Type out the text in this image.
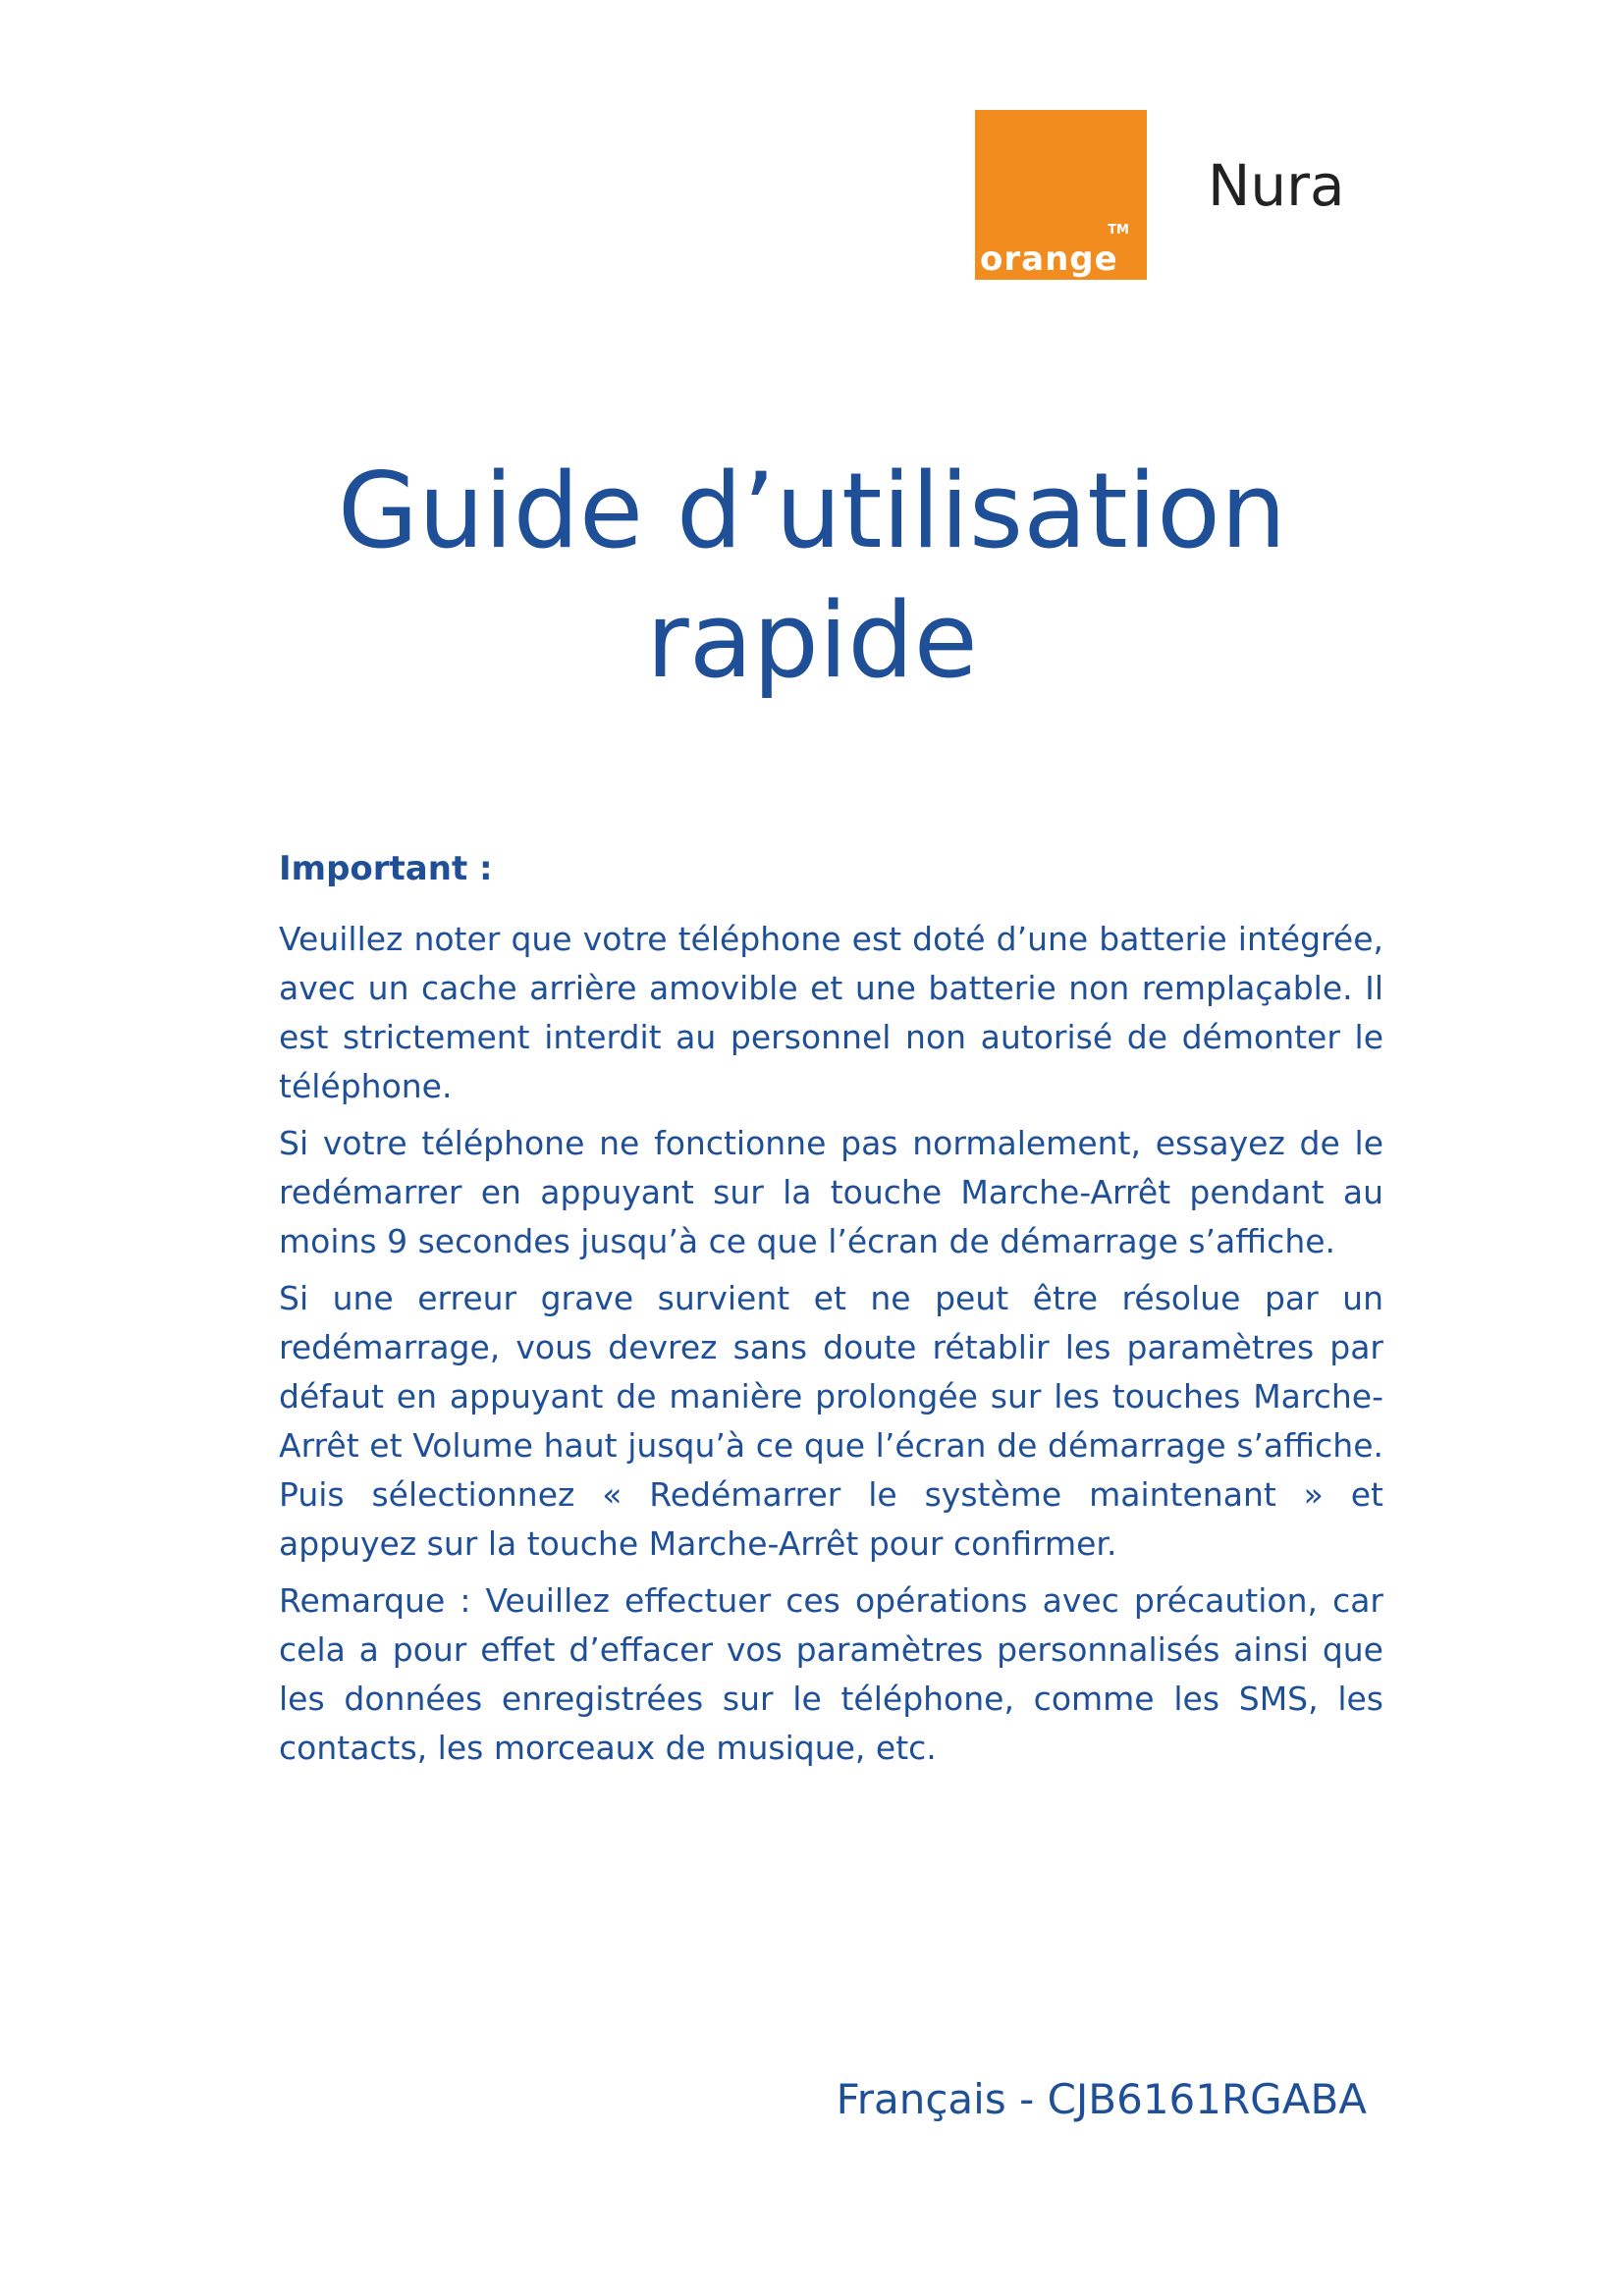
TM
orange
Nura
Guide d’utilisation
rapide

Important :

Veuillez noter que votre téléphone est doté d’une batterie intégrée, avec un cache arrière amovible et une batterie non remplaçable. Il est strictement interdit au personnel non autorisé de démonter le téléphone.

Si votre téléphone ne fonctionne pas normalement, essayez de le redémarrer en appuyant sur la touche Marche-Arrêt pendant au moins 9 secondes jusqu’à ce que l’écran de démarrage s’affiche.

Si une erreur grave survient et ne peut être résolue par un redémarrage, vous devrez sans doute rétablir les paramètres par défaut en appuyant de manière prolongée sur les touches Marche-Arrêt et Volume haut jusqu’à ce que l’écran de démarrage s’affiche. Puis sélectionnez « Redémarrer le système maintenant » et appuyez sur la touche Marche-Arrêt pour confirmer.

Remarque : Veuillez effectuer ces opérations avec précaution, car cela a pour effet d’effacer vos paramètres personnalisés ainsi que les données enregistrées sur le téléphone, comme les SMS, les contacts, les morceaux de musique, etc.

Français - CJB6161RGABA
